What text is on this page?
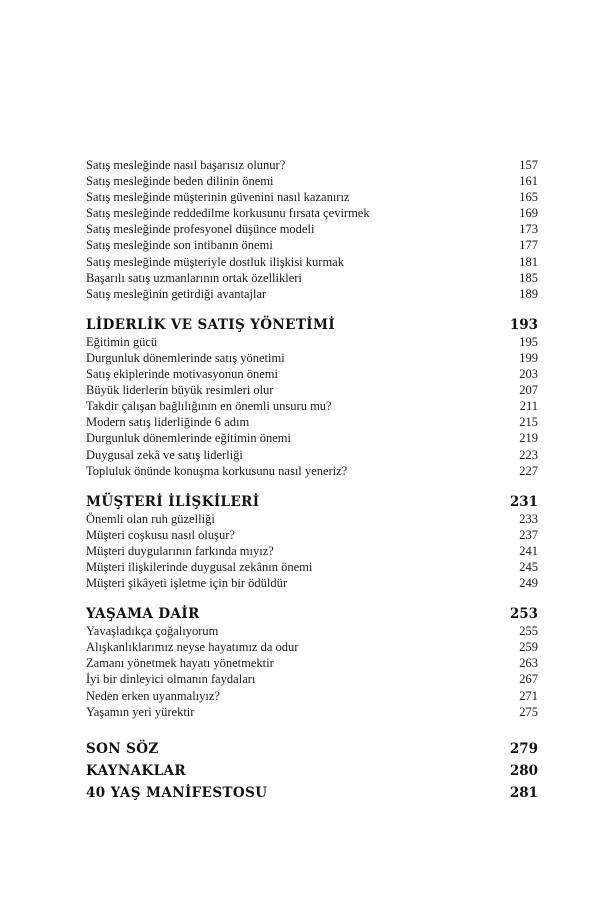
Satış mesleğinde nasıl başarısız olunur?	157
Satış mesleğinde beden dilinin önemi	161
Satış mesleğinde müşterinin güvenini nasıl kazanırız	165
Satış mesleğinde reddedilme korkusunu fırsata çevirmek	169
Satış mesleğinde profesyonel düşünce modeli	173
Satış mesleğinde son intibanın önemi	177
Satış mesleğinde müşteriyle dostluk ilişkisi kurmak	181
Başarılı satış uzmanlarının ortak özellikleri	185
Satış mesleğinin getirdiği avantajlar	189
LİDERLİK VE SATIŞ YÖNETİMİ	193
Eğitimin gücü	195
Durgunluk dönemlerinde satış yönetimi	199
Satış ekiplerinde motivasyonun önemi	203
Büyük liderlerin büyük resimleri olur	207
Takdir çalışan bağlılığının en önemli unsuru mu?	211
Modern satış liderliğinde 6 adım	215
Durgunluk dönemlerinde eğitimin önemi	219
Duygusal zekâ ve satış liderliği	223
Topluluk önünde konuşma korkusunu nasıl yeneriz?	227
MÜŞTERİ İLİŞKİLERİ	231
Önemli olan ruh güzelliği	233
Müşteri coşkusu nasıl oluşur?	237
Müşteri duygularının farkında mıyız?	241
Müşteri ilişkilerinde duygusal zekânın önemi	245
Müşteri şikâyeti işletme için bir ödüldür	249
YAŞAMA DAİR	253
Yavaşladıkça çoğalıyorum	255
Alışkanlıklarımız neyse hayatımız da odur	259
Zamanı yönetmek hayatı yönetmektir	263
İyi bir dinleyici olmanın faydaları	267
Neden erken uyanmalıyız?	271
Yaşamın yeri yürektir	275
SON SÖZ	279
KAYNAKLAR	280
40 YAŞ MANİFESTOSU	281
